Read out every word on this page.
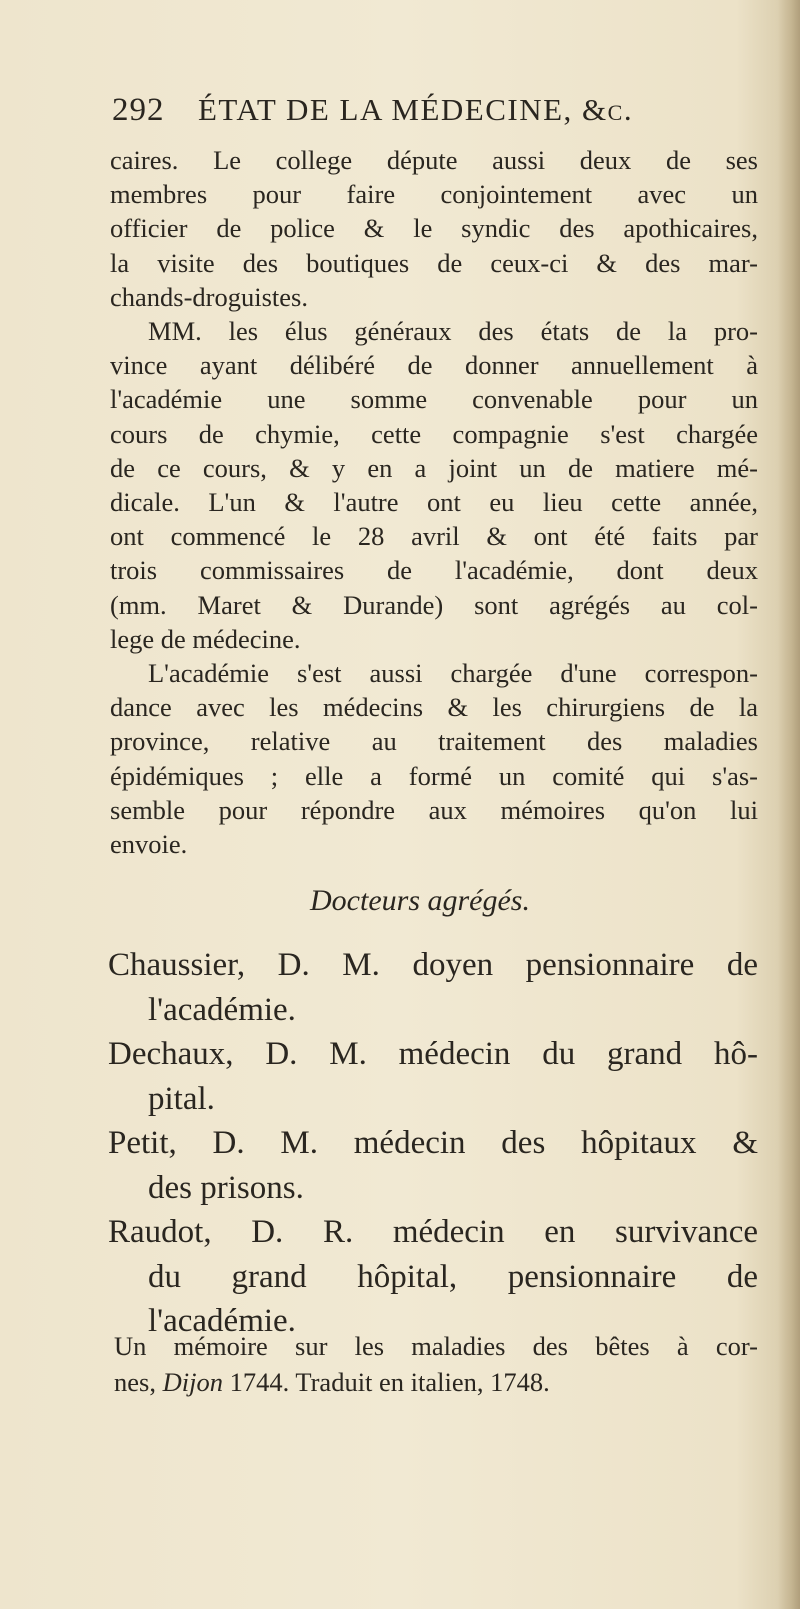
292 ÉTAT DE LA MÉDECINE, &c.
caires. Le college députe aussi deux de ses
membres pour faire conjointement avec un
officier de police & le syndic des apothicaires,
la visite des boutiques de ceux-ci & des mar-
chands-droguistes.
MM. les élus généraux des états de la pro-
vince ayant délibéré de donner annuellement à
l'académie une somme convenable pour un
cours de chymie, cette compagnie s'est chargée
de ce cours, & y en a joint un de matiere mé-
dicale. L'un & l'autre ont eu lieu cette année,
ont commencé le 28 avril & ont été faits par
trois commissaires de l'académie, dont deux
(mm. Maret & Durande) sont agrégés au col-
lege de médecine.
L'académie s'est aussi chargée d'une correspon-
dance avec les médecins & les chirurgiens de la
province, relative au traitement des maladies
épidémiques ; elle a formé un comité qui s'as-
semble pour répondre aux mémoires qu'on lui
envoie.
Docteurs agrégés.
Chaussier, D. M. doyen pensionnaire de
l'académie.
Dechaux, D. M. médecin du grand hô-
pital.
Petit, D. M. médecin des hôpitaux &
des prisons.
Raudot, D. R. médecin en survivance
du grand hôpital, pensionnaire de
l'académie.
Un mémoire sur les maladies des bêtes à cor-
nes, Dijon 1744. Traduit en italien, 1748.
